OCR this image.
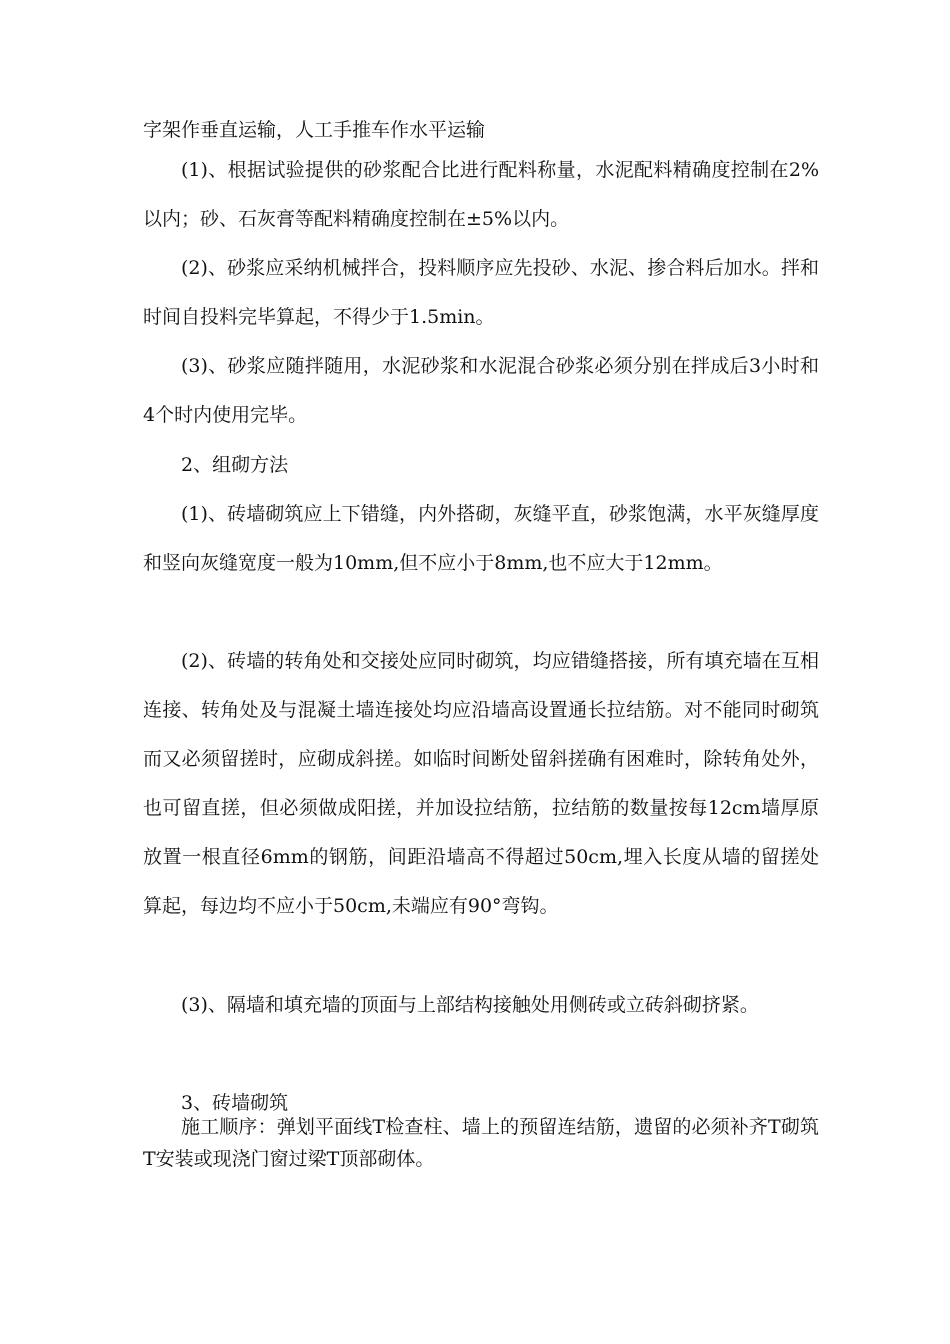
字架作垂直运输，人工手推车作水平运输

(1)、根据试验提供的砂浆配合比进行配料称量，水泥配料精确度控制在2%以内；砂、石灰膏等配料精确度控制在±5%以内。

(2)、砂浆应采纳机械拌合，投料顺序应先投砂、水泥、掺合料后加水。拌和时间自投料完毕算起，不得少于1.5min。

(3)、砂浆应随拌随用，水泥砂浆和水泥混合砂浆必须分别在拌成后3小时和4个时内使用完毕。

2、组砌方法

(1)、砖墙砌筑应上下错缝，内外搭砌，灰缝平直，砂浆饱满，水平灰缝厚度和竖向灰缝宽度一般为10mm,但不应小于8mm,也不应大于12mm。

(2)、砖墙的转角处和交接处应同时砌筑，均应错缝搭接，所有填充墙在互相连接、转角处及与混凝土墙连接处均应沿墙高设置通长拉结筋。对不能同时砌筑而又必须留搓时，应砌成斜搓。如临时间断处留斜搓确有困难时，除转角处外，也可留直搓，但必须做成阳搓，并加设拉结筋，拉结筋的数量按每12cm墙厚原放置一根直径6mm的钢筋，间距沿墙高不得超过50cm,埋入长度从墙的留搓处算起，每边均不应小于50cm,未端应有90°弯钩。

(3)、隔墙和填充墙的顶面与上部结构接触处用侧砖或立砖斜砌挤紧。

3、砖墙砌筑

施工顺序：弹划平面线T检查柱、墙上的预留连结筋，遗留的必须补齐T砌筑T安装或现浇门窗过梁T顶部砌体。
